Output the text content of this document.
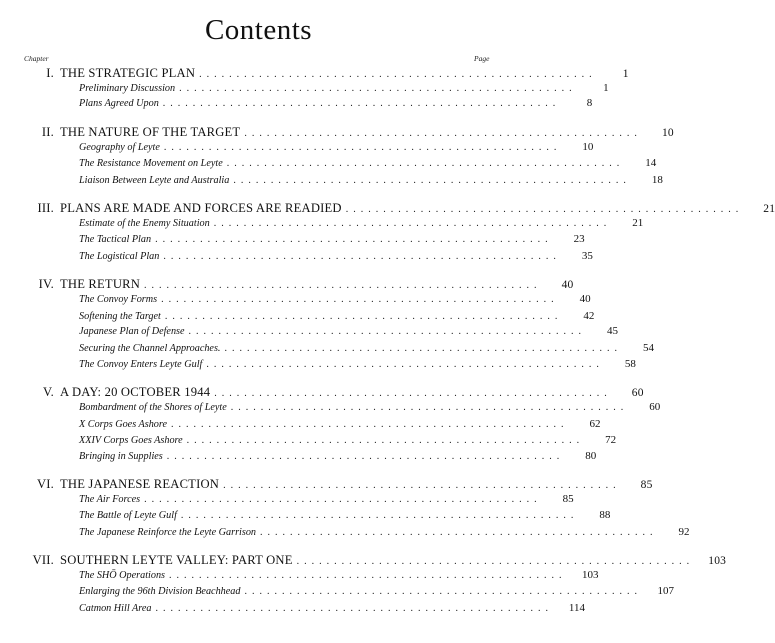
Contents
Chapter	Page
I. THE STRATEGIC PLAN .....................................................	1
Preliminary Discussion .....................................................	1
Plans Agreed Upon .....................................................	8
II. THE NATURE OF THE TARGET .....................................................	10
Geography of Leyte .....................................................	10
The Resistance Movement on Leyte .....................................................	14
Liaison Between Leyte and Australia .....................................................	18
III. PLANS ARE MADE AND FORCES ARE READIED .....................................................	21
Estimate of the Enemy Situation .....................................................	21
The Tactical Plan .....................................................	23
The Logistical Plan .....................................................	35
IV. THE RETURN .....................................................	40
The Convoy Forms .....................................................	40
Softening the Target .....................................................	42
Japanese Plan of Defense .....................................................	45
Securing the Channel Approaches. .....................................................	54
The Convoy Enters Leyte Gulf .....................................................	58
V. A DAY: 20 OCTOBER 1944 .....................................................	60
Bombardment of the Shores of Leyte .....................................................	60
X Corps Goes Ashore .....................................................	62
XXIV Corps Goes Ashore .....................................................	72
Bringing in Supplies .....................................................	80
VI. THE JAPANESE REACTION .....................................................	85
The Air Forces .....................................................	85
The Battle of Leyte Gulf .....................................................	88
The Japanese Reinforce the Leyte Garrison .....................................................	92
VII. SOUTHERN LEYTE VALLEY: PART ONE .....................................................	103
The SHŌ Operations .....................................................	103
Enlarging the 96th Division Beachhead .....................................................	107
Catmon Hill Area .....................................................	114
